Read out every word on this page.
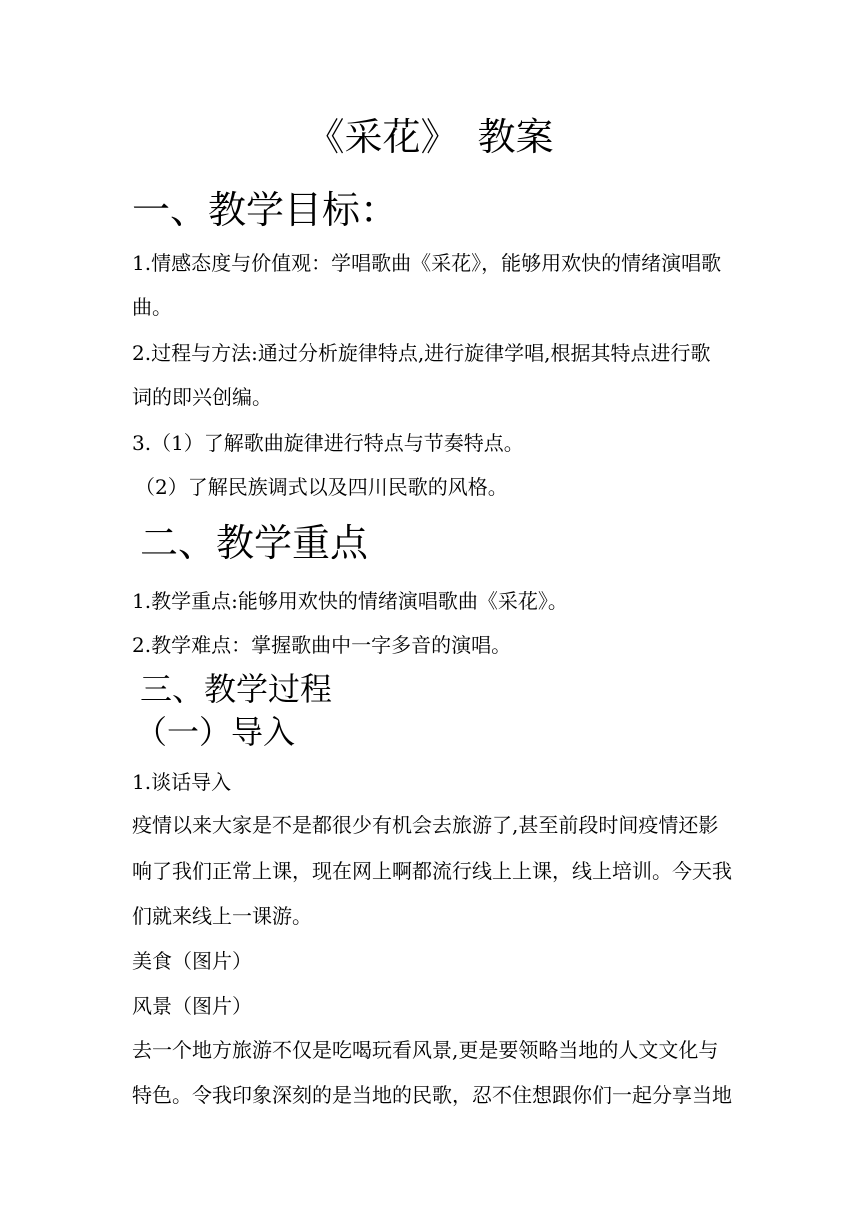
《采花》　教案
一、教学目标：
1.情感态度与价值观：学唱歌曲《采花》，能够用欢快的情绪演唱歌
曲。
2.过程与方法:通过分析旋律特点,进行旋律学唱,根据其特点进行歌
词的即兴创编。
3.（1）了解歌曲旋律进行特点与节奏特点。
（2）了解民族调式以及四川民歌的风格。
二、教学重点
1.教学重点:能够用欢快的情绪演唱歌曲《采花》。
2.教学难点：掌握歌曲中一字多音的演唱。
三、教学过程
（一）导入
1.谈话导入
疫情以来大家是不是都很少有机会去旅游了,甚至前段时间疫情还影
响了我们正常上课，现在网上啊都流行线上上课，线上培训。今天我
们就来线上一课游。
美食（图片）
风景（图片）
去一个地方旅游不仅是吃喝玩看风景,更是要领略当地的人文文化与
特色。令我印象深刻的是当地的民歌，忍不住想跟你们一起分享当地
